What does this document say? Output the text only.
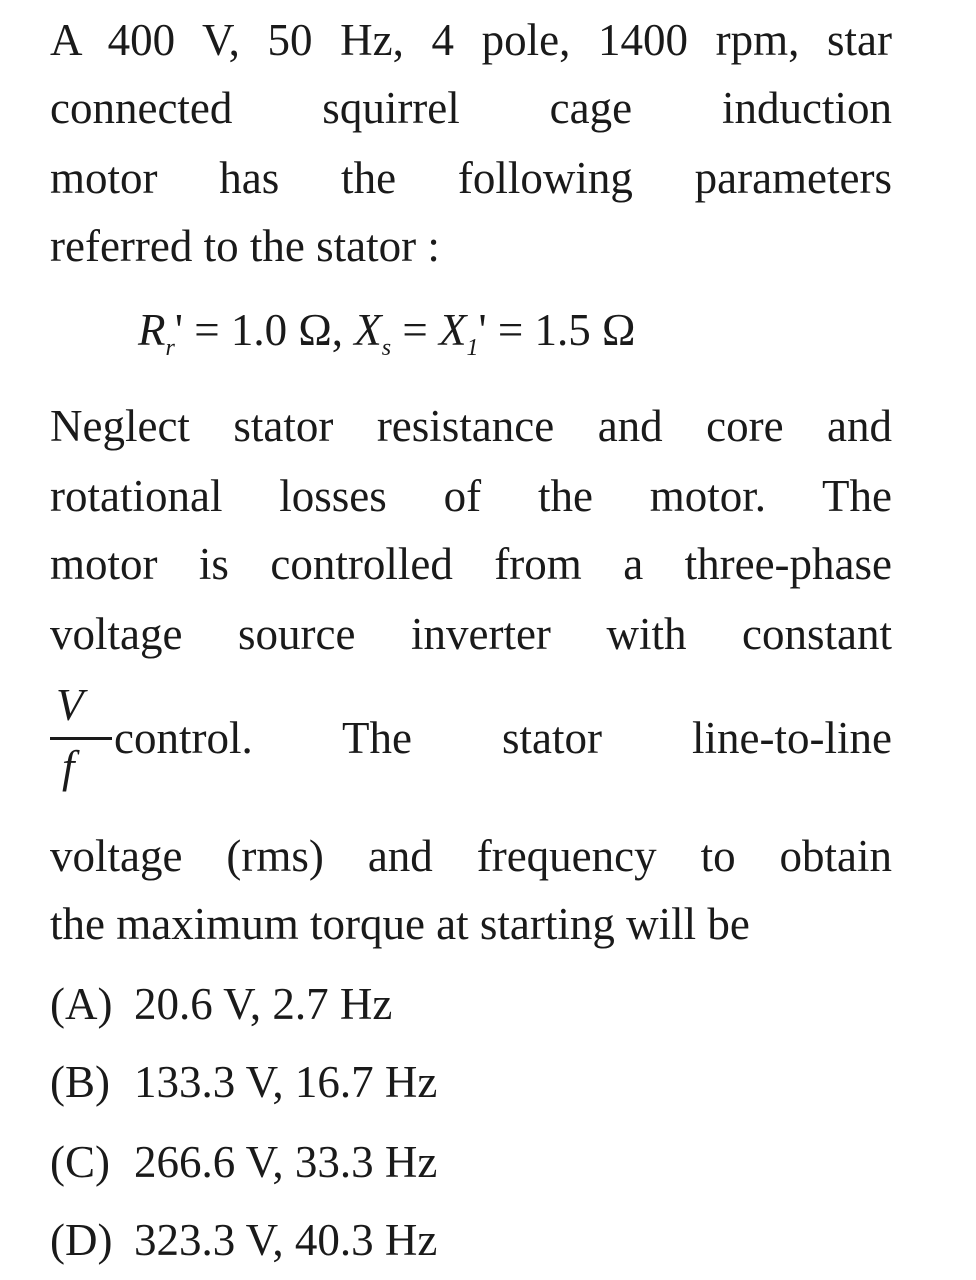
A 400 V, 50 Hz, 4 pole, 1400 rpm, star
connected squirrel cage induction
motor has the following parameters
referred to the stator :
$R_r' = 1.0$ Ω, $X_s = X_1' = 1.5$ Ω
Neglect stator resistance and core and
rotational losses of the motor. The
motor is controlled from a three-phase
voltage source inverter with constant
V
f
control. The stator line-to-line
voltage (rms) and frequency to obtain
the maximum torque at starting will be
(A) 20.6 V, 2.7 Hz
(B) 133.3 V, 16.7 Hz
(C) 266.6 V, 33.3 Hz
(D) 323.3 V, 40.3 Hz
